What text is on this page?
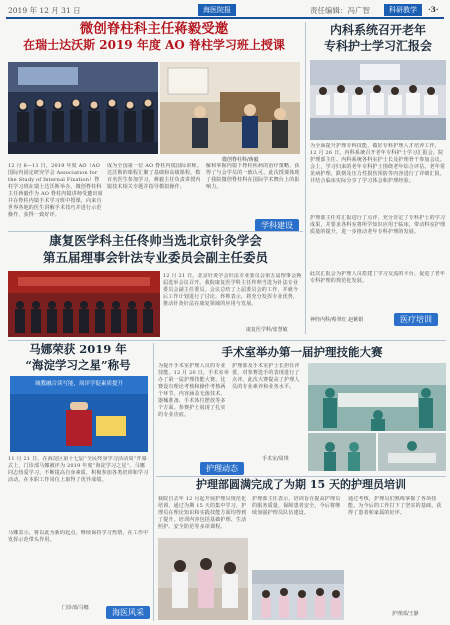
2019 年 12 月 31 日	海医院报	责任编辑：冯广智	科研教学	·3·
微创脊柱科主任蒋毅受邀
在瑞士达沃斯 2019 年度 AO 脊柱学习班上授课
微创脊柱科/蒋毅
12 月 8—11 日，2019 年度 AO（AO 国际内固定研究学会 Association for the Study of Internal Fixation）脊柱学习班在瑞士达沃斯举办。微创脊柱科主任蒋毅作为 AO 脊柱内镜讲师受邀出席并在脊柱内镜手术学习班中授课，向来自世界各地的医生讲解手术技巧并进行示范操作，获得一致好评。
成为全国第一位 AO 脊柱内镜国际讲师。达沃斯的课程汇聚了基础和高级课程，数百名医生参加学习，蒋毅主任负责讲授内镜技术相关专题并指导模拟操作。
解和掌握内镜下脊柱疾病的治疗策略，获得了与会学员的一致认可。此次授课体现了我院微创脊柱科在国际学术舞台上的影响力。
学科建设
内科系统召开老年
专科护士学习汇报会
为全面提升护理专科技能，做好专科护理人才培养工作，12 月 26 日，内科系统召开老年专科护士学习汇报会。院护理部主任、内科系统各科室护士长及护理骨干参加会议。会上，学习归来的老年专科护士围绕老年综合评估、老年常见病护理、跌倒及压力性损伤预防等内容进行了详细汇报，并结合临床实际分享了学习体会和护理经验。
护理部主任对汇报进行了点评，充分肯定了专科护士的学习成果，并要求各科室将所学知识应用于临床，带动科室护理质量的提升，进一步推动老年专科护理的发展。
此次汇报会为护理人员搭建了学习交流的平台，促进了老年专科护理的规范化发展。
神经内科/蔡翠红 赵紫娟	医疗培训
康复医学科主任佟帅当选北京针灸学会
第五届理事会针法专业委员会副主任委员
12 月 21 日，北京针灸学会针法专业委员会第五届理事会换届选举会议召开。我院康复医学科主任佟帅当选为针法专业委员会副主任委员。会议总结了上届委员会的工作，并就今后工作计划进行了讨论。佟帅表示，将充分发挥专业优势，推动针灸针法在康复领域的应用与发展。
康复医学科/张慧敏
马娜荣获 2019 年
“海淀学习之星”称号
城教融合读写能，周评学促素质提升
11 月 21 日，在海淀区第十七届“全民终身学习活动周”开幕式上，门诊部马娜被评为 2019 年度“海淀学习之星”。马娜同志热爱学习，不断提高自身素质，积极参加各类培训和学习活动，在本职工作岗位上取得了优异成绩。
马娜表示，将以此为新的起点，继续保持学习热情，在工作中发挥示范带头作用。
门诊部/马娜	海医风采
手术室举办第一届护理技能大赛
为提升手术室护理人员的专业技能，12 月 20 日，手术室举办了第一届护理技能大赛。比赛设有理论考核和操作考核两个环节，内容涵盖无菌技术、器械准备、手术体位摆放等多个方面。参赛护士展现了扎实的专业功底。
护理部及手术室护士长担任评委，对参赛选手的表现进行了点评。此次大赛提高了护理人员的专业素养和业务水平。
手术室/周琪
护理动态
护理部圆满完成了为期 15 天的护理员培训
我院自去年 12 月起开展护理员规范化培训，通过为期 15 天的集中学习，护理员在理论知识和实践技能方面均得到了提升。培训内容包括基础护理、生活照护、安全防范等多项课程。
护理部主任表示，培训旨在提高护理员的服务质量，保障患者安全，今后将继续加强护理员队伍建设。
通过考核，护理员们熟练掌握了各项技能，为今后的工作打下了坚实的基础，获得了患者和家属的好评。
护理部/王静
